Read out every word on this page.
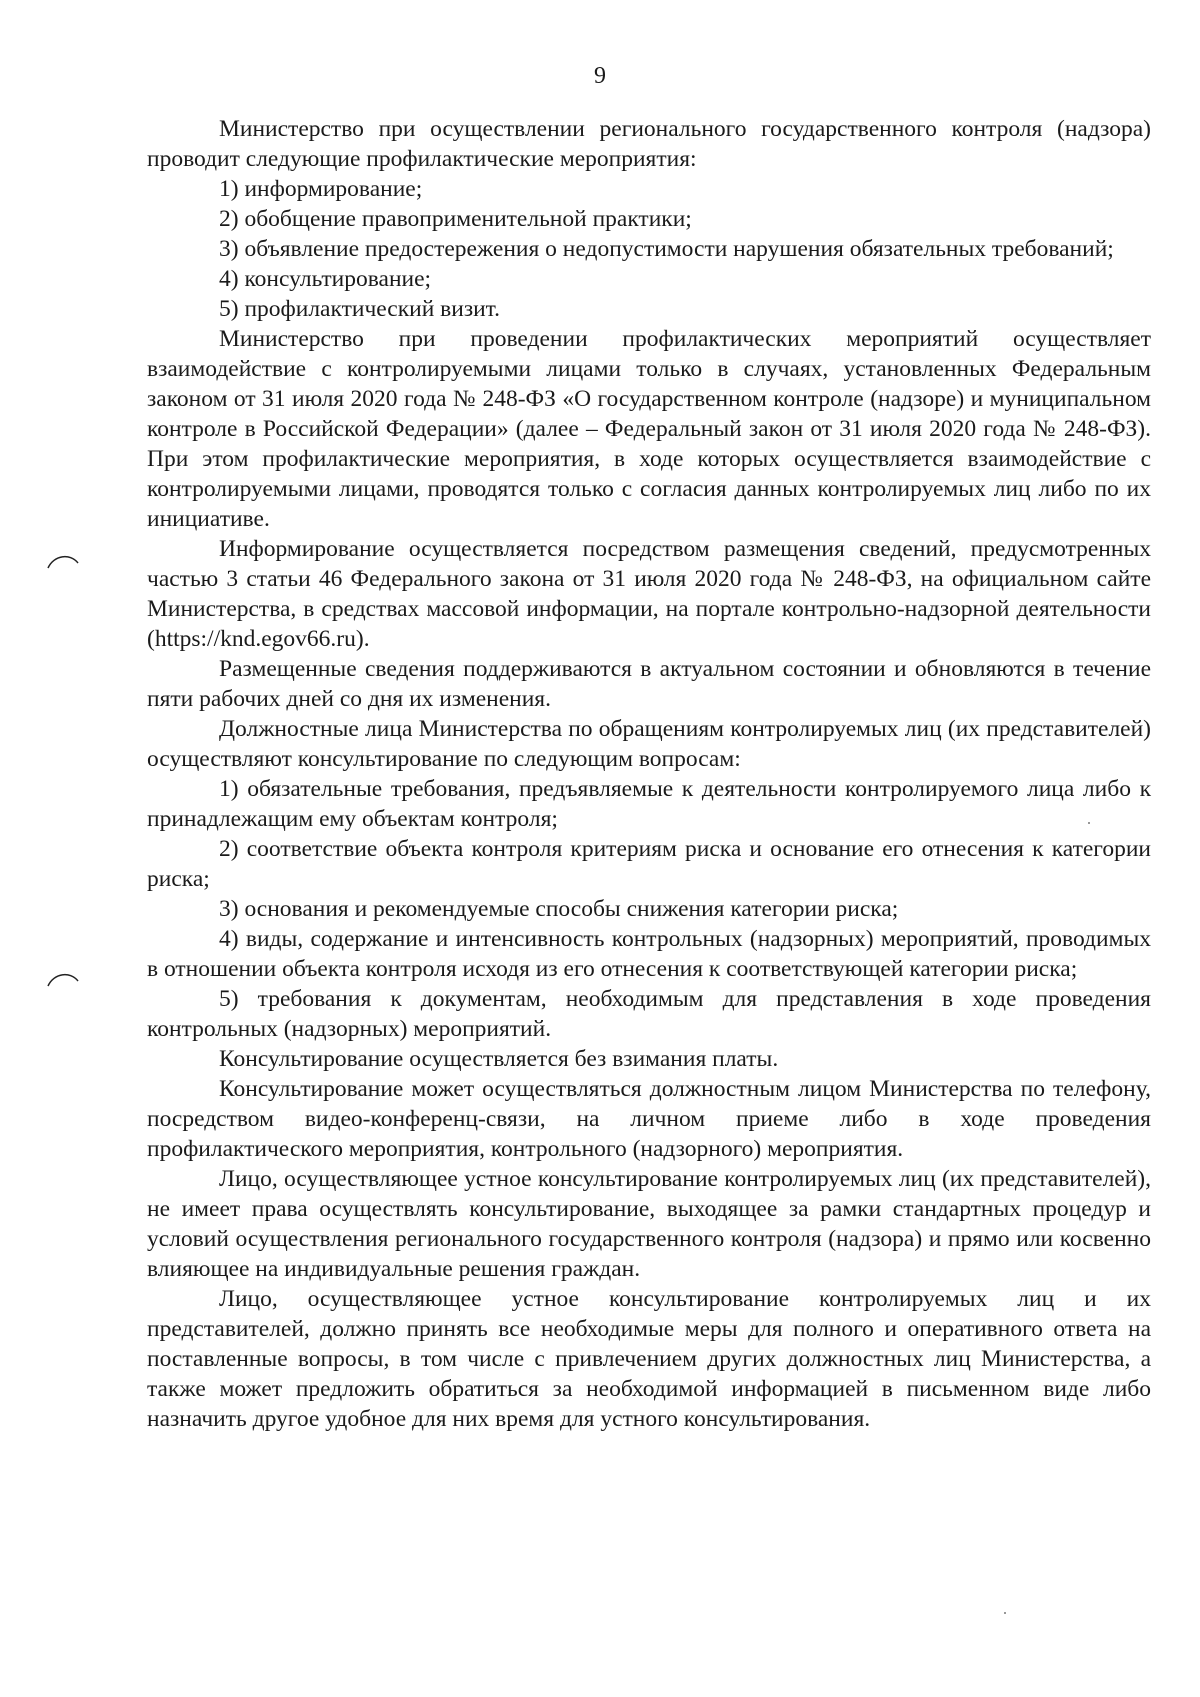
9

Министерство при осуществлении регионального государственного контроля (надзора) проводит следующие профилактические мероприятия:

1) информирование;

2) обобщение правоприменительной практики;

3) объявление предостережения о недопустимости нарушения обязательных требований;

4) консультирование;

5) профилактический визит.

Министерство при проведении профилактических мероприятий осуществляет взаимодействие с контролируемыми лицами только в случаях, установленных Федеральным законом от 31 июля 2020 года № 248-ФЗ «О государственном контроле (надзоре) и муниципальном контроле в Российской Федерации» (далее – Федеральный закон от 31 июля 2020 года № 248-ФЗ). При этом профилактические мероприятия, в ходе которых осуществляется взаимодействие с контролируемыми лицами, проводятся только с согласия данных контролируемых лиц либо по их инициативе.

Информирование осуществляется посредством размещения сведений, предусмотренных частью 3 статьи 46 Федерального закона от 31 июля 2020 года № 248-ФЗ, на официальном сайте Министерства, в средствах массовой информации, на портале контрольно-надзорной деятельности (https://knd.egov66.ru).

Размещенные сведения поддерживаются в актуальном состоянии и обновляются в течение пяти рабочих дней со дня их изменения.

Должностные лица Министерства по обращениям контролируемых лиц (их представителей) осуществляют консультирование по следующим вопросам:

1) обязательные требования, предъявляемые к деятельности контролируемого лица либо к принадлежащим ему объектам контроля;

2) соответствие объекта контроля критериям риска и основание его отнесения к категории риска;

3) основания и рекомендуемые способы снижения категории риска;

4) виды, содержание и интенсивность контрольных (надзорных) мероприятий, проводимых в отношении объекта контроля исходя из его отнесения к соответствующей категории риска;

5) требования к документам, необходимым для представления в ходе проведения контрольных (надзорных) мероприятий.

Консультирование осуществляется без взимания платы.

Консультирование может осуществляться должностным лицом Министерства по телефону, посредством видео-конференц-связи, на личном приеме либо в ходе проведения профилактического мероприятия, контрольного (надзорного) мероприятия.

Лицо, осуществляющее устное консультирование контролируемых лиц (их представителей), не имеет права осуществлять консультирование, выходящее за рамки стандартных процедур и условий осуществления регионального государственного контроля (надзора) и прямо или косвенно влияющее на индивидуальные решения граждан.

Лицо, осуществляющее устное консультирование контролируемых лиц и их представителей, должно принять все необходимые меры для полного и оперативного ответа на поставленные вопросы, в том числе с привлечением других должностных лиц Министерства, а также может предложить обратиться за необходимой информацией в письменном виде либо назначить другое удобное для них время для устного консультирования.
